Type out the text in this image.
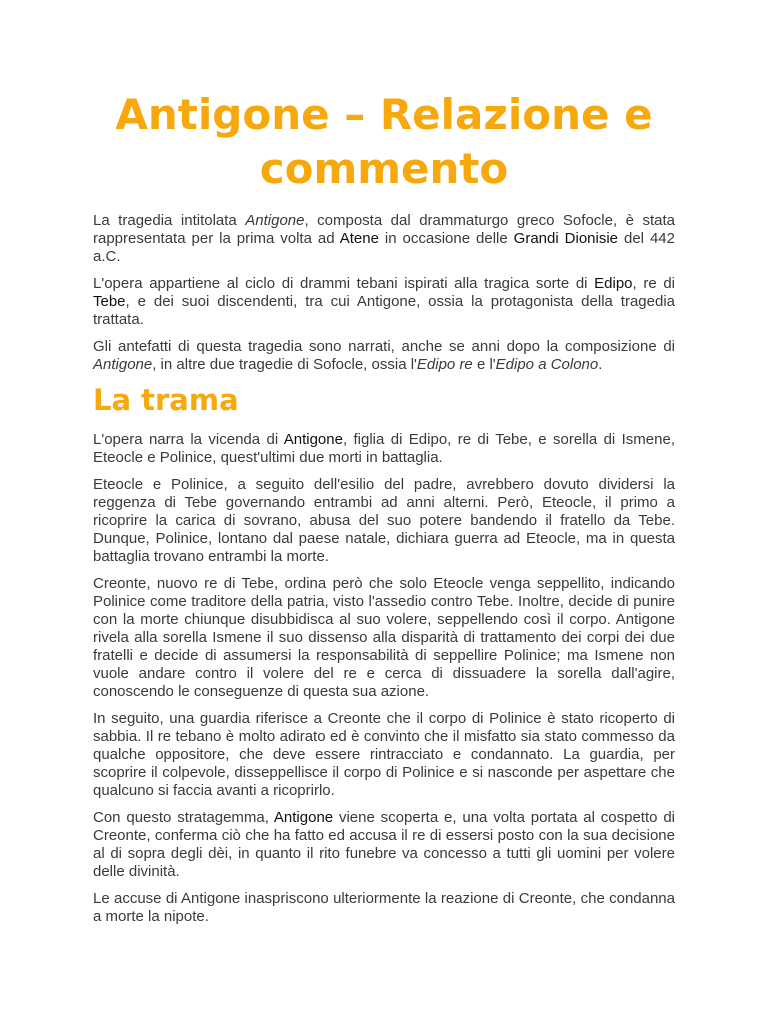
Antigone – Relazione e commento

La tragedia intitolata Antigone, composta dal drammaturgo greco Sofocle, è stata rappresentata per la prima volta ad Atene in occasione delle Grandi Dionisie del 442 a.C.

L'opera appartiene al ciclo di drammi tebani ispirati alla tragica sorte di Edipo, re di Tebe, e dei suoi discendenti, tra cui Antigone, ossia la protagonista della tragedia trattata.

Gli antefatti di questa tragedia sono narrati, anche se anni dopo la composizione di Antigone, in altre due tragedie di Sofocle, ossia l'Edipo re e l'Edipo a Colono.

La trama

L'opera narra la vicenda di Antigone, figlia di Edipo, re di Tebe, e sorella di Ismene, Eteocle e Polinice, quest'ultimi due morti in battaglia.

Eteocle e Polinice, a seguito dell'esilio del padre, avrebbero dovuto dividersi la reggenza di Tebe governando entrambi ad anni alterni. Però, Eteocle, il primo a ricoprire la carica di sovrano, abusa del suo potere bandendo il fratello da Tebe. Dunque, Polinice, lontano dal paese natale, dichiara guerra ad Eteocle, ma in questa battaglia trovano entrambi la morte.

Creonte, nuovo re di Tebe, ordina però che solo Eteocle venga seppellito, indicando Polinice come traditore della patria, visto l'assedio contro Tebe. Inoltre, decide di punire con la morte chiunque disubbidisca al suo volere, seppellendo così il corpo. Antigone rivela alla sorella Ismene il suo dissenso alla disparità di trattamento dei corpi dei due fratelli e decide di assumersi la responsabilità di seppellire Polinice; ma Ismene non vuole andare contro il volere del re e cerca di dissuadere la sorella dall'agire, conoscendo le conseguenze di questa sua azione.

In seguito, una guardia riferisce a Creonte che il corpo di Polinice è stato ricoperto di sabbia. Il re tebano è molto adirato ed è convinto che il misfatto sia stato commesso da qualche oppositore, che deve essere rintracciato e condannato. La guardia, per scoprire il colpevole, disseppellisce il corpo di Polinice e si nasconde per aspettare che qualcuno si faccia avanti a ricoprirlo.

Con questo stratagemma, Antigone viene scoperta e, una volta portata al cospetto di Creonte, conferma ciò che ha fatto ed accusa il re di essersi posto con la sua decisione al di sopra degli dèi, in quanto il rito funebre va concesso a tutti gli uomini per volere delle divinità.

Le accuse di Antigone inaspriscono ulteriormente la reazione di Creonte, che condanna a morte la nipote.
